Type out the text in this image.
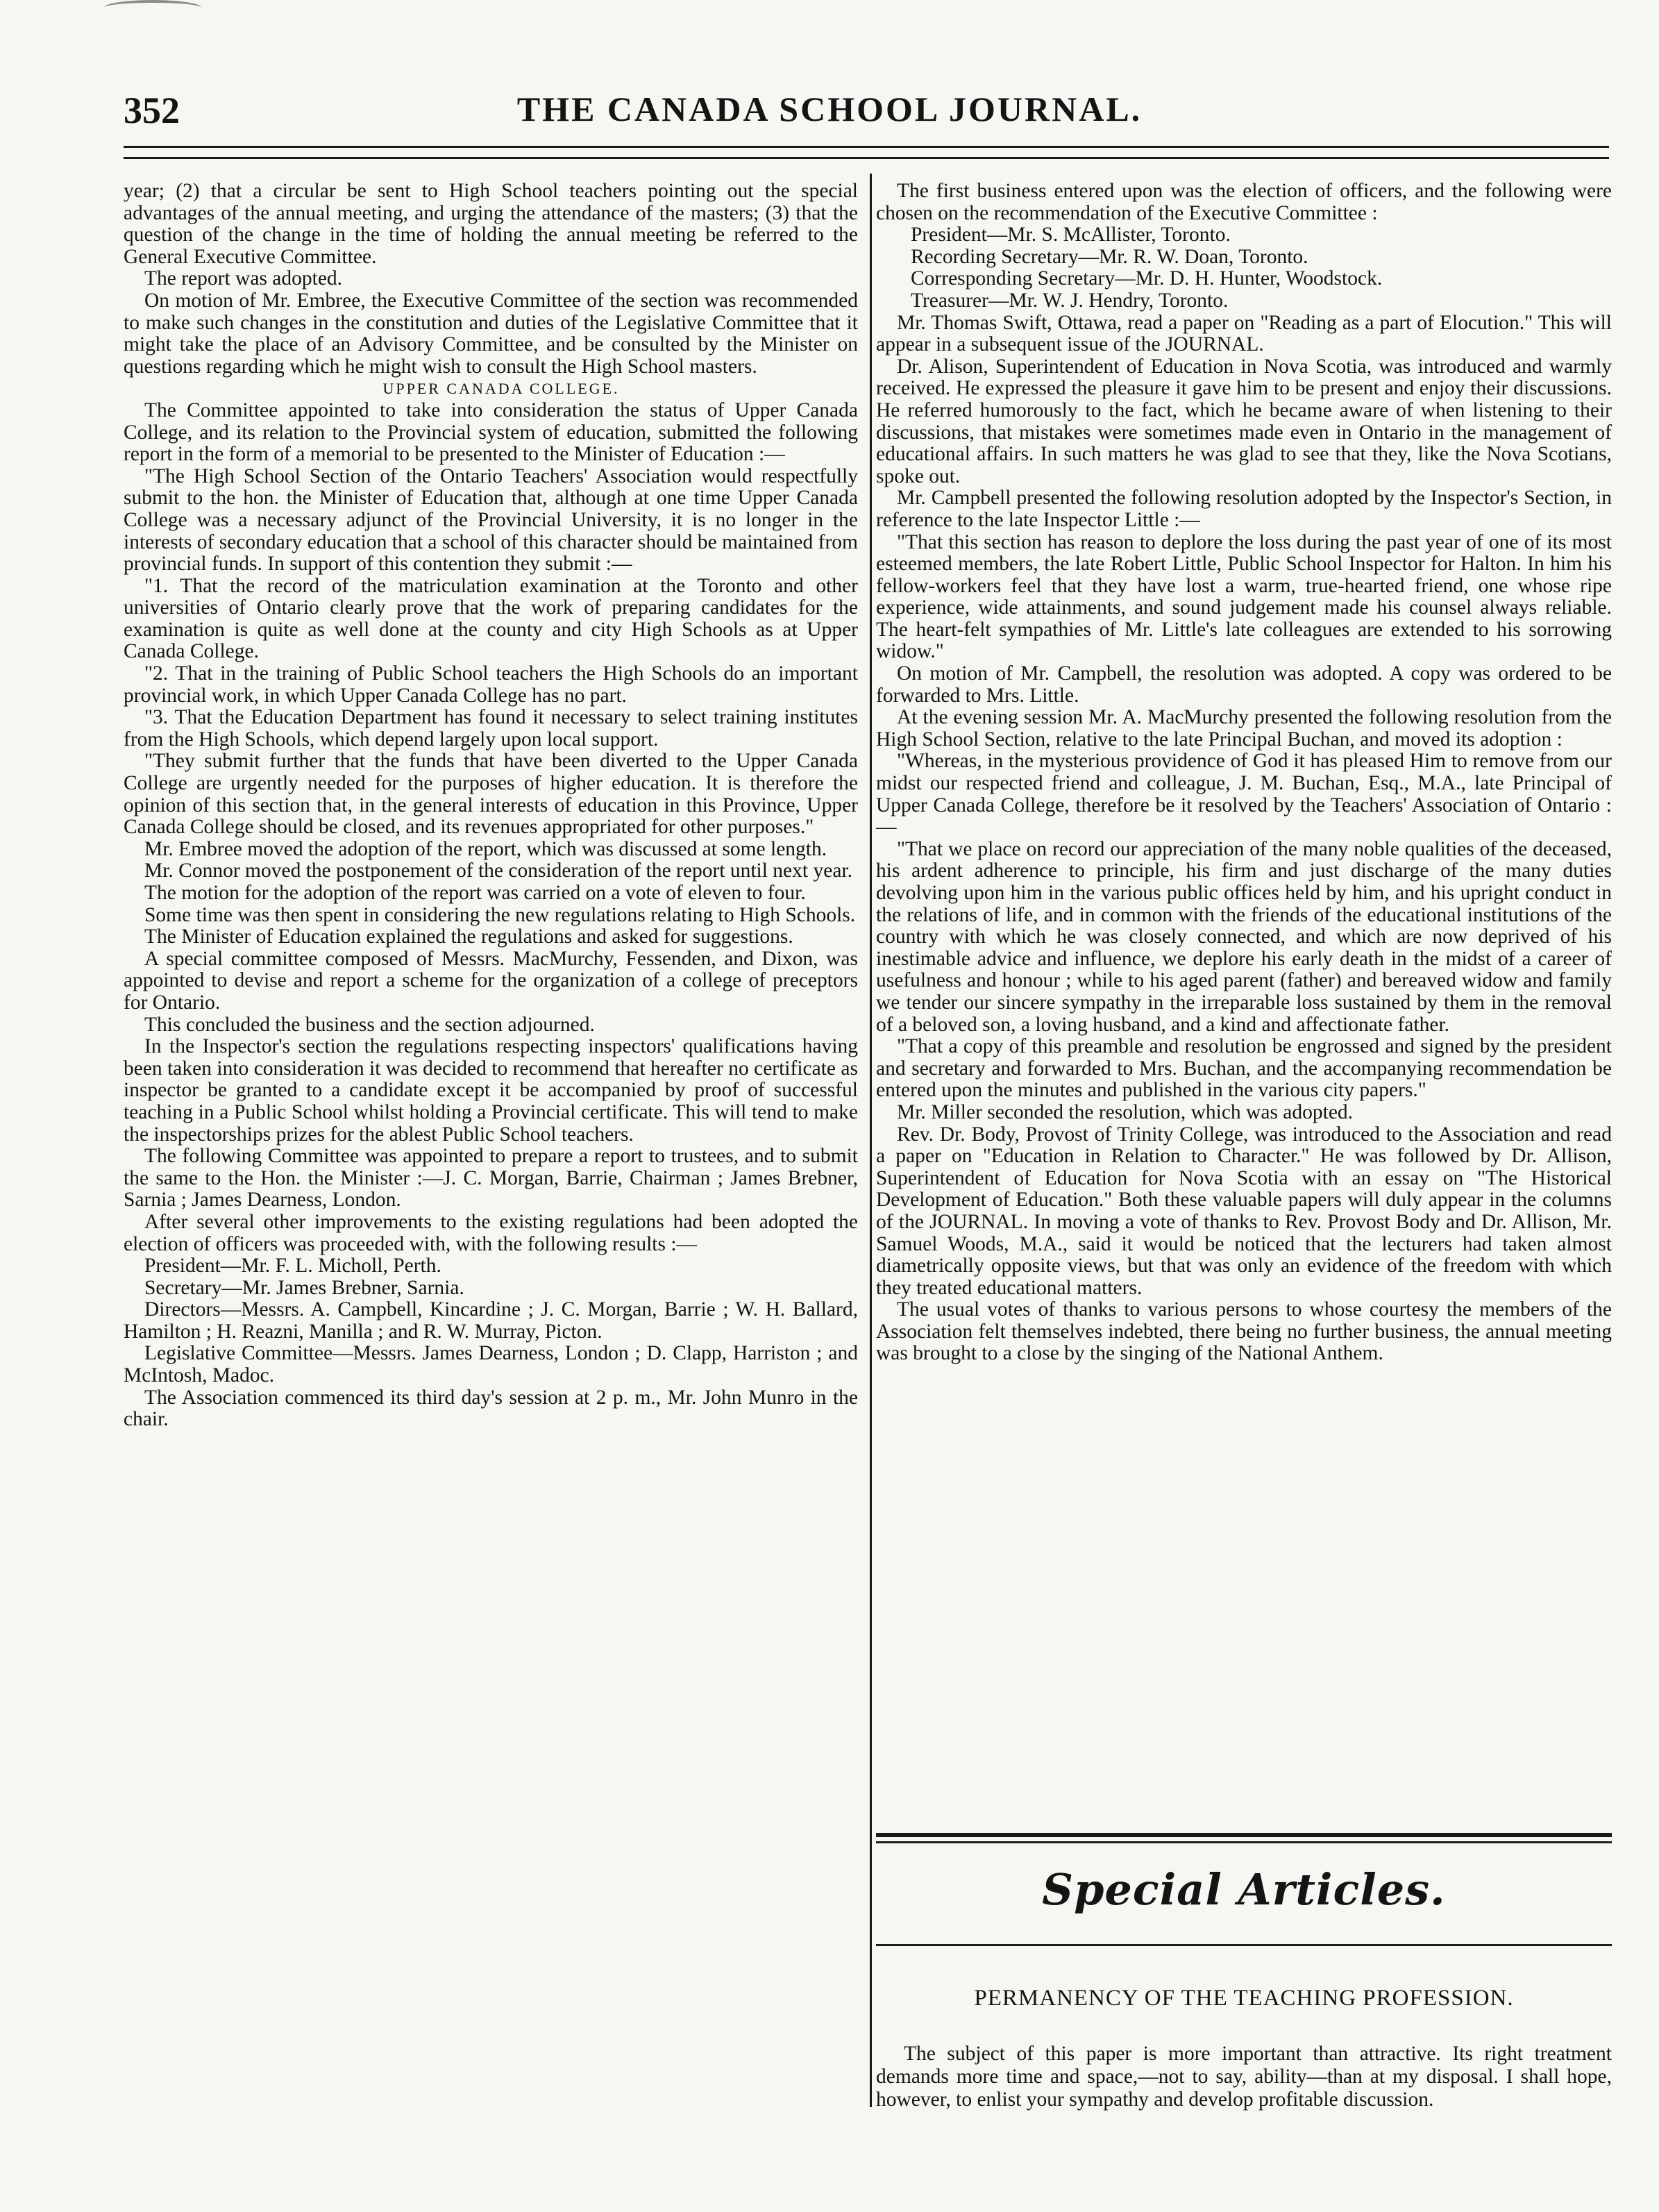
352	THE CANADA SCHOOL JOURNAL.

year; (2) that a circular be sent to High School teachers pointing out the special advantages of the annual meeting, and urging the attendance of the masters; (3) that the question of the change in the time of holding the annual meeting be referred to the General Executive Committee.

The report was adopted.

On motion of Mr. Embree, the Executive Committee of the section was recommended to make such changes in the constitution and duties of the Legislative Committee that it might take the place of an Advisory Committee, and be consulted by the Minister on questions regarding which he might wish to consult the High School masters.

UPPER CANADA COLLEGE.

The Committee appointed to take into consideration the status of Upper Canada College, and its relation to the Provincial system of education, submitted the following report in the form of a memorial to be presented to the Minister of Education :—

"The High School Section of the Ontario Teachers' Association would respectfully submit to the hon. the Minister of Education that, although at one time Upper Canada College was a necessary adjunct of the Provincial University, it is no longer in the interests of secondary education that a school of this character should be maintained from provincial funds. In support of this contention they submit :—

"1. That the record of the matriculation examination at the Toronto and other universities of Ontario clearly prove that the work of preparing candidates for the examination is quite as well done at the county and city High Schools as at Upper Canada College.

"2. That in the training of Public School teachers the High Schools do an important provincial work, in which Upper Canada College has no part.

"3. That the Education Department has found it necessary to select training institutes from the High Schools, which depend largely upon local support.

"They submit further that the funds that have been diverted to the Upper Canada College are urgently needed for the purposes of higher education. It is therefore the opinion of this section that, in the general interests of education in this Province, Upper Canada College should be closed, and its revenues appropriated for other purposes."

Mr. Embree moved the adoption of the report, which was discussed at some length.

Mr. Connor moved the postponement of the consideration of the report until next year.

The motion for the adoption of the report was carried on a vote of eleven to four.

Some time was then spent in considering the new regulations relating to High Schools.

The Minister of Education explained the regulations and asked for suggestions.

A special committee composed of Messrs. MacMurchy, Fessenden, and Dixon, was appointed to devise and report a scheme for the organization of a college of preceptors for Ontario.

This concluded the business and the section adjourned.

In the Inspector's section the regulations respecting inspectors' qualifications having been taken into consideration it was decided to recommend that hereafter no certificate as inspector be granted to a candidate except it be accompanied by proof of successful teaching in a Public School whilst holding a Provincial certificate. This will tend to make the inspectorships prizes for the ablest Public School teachers.

The following Committee was appointed to prepare a report to trustees, and to submit the same to the Hon. the Minister :—J. C. Morgan, Barrie, Chairman ; James Brebner, Sarnia ; James Dearness, London.

After several other improvements to the existing regulations had been adopted the election of officers was proceeded with, with the following results :—

President—Mr. F. L. Micholl, Perth.

Secretary—Mr. James Brebner, Sarnia.

Directors—Messrs. A. Campbell, Kincardine ; J. C. Morgan, Barrie ; W. H. Ballard, Hamilton ; H. Reazni, Manilla ; and R. W. Murray, Picton.

Legislative Committee—Messrs. James Dearness, London ; D. Clapp, Harriston ; and McIntosh, Madoc.

The Association commenced its third day's session at 2 p. m., Mr. John Munro in the chair.

The first business entered upon was the election of officers, and the following were chosen on the recommendation of the Executive Committee :

President—Mr. S. McAllister, Toronto.

Recording Secretary—Mr. R. W. Doan, Toronto.

Corresponding Secretary—Mr. D. H. Hunter, Woodstock.

Treasurer—Mr. W. J. Hendry, Toronto.

Mr. Thomas Swift, Ottawa, read a paper on "Reading as a part of Elocution." This will appear in a subsequent issue of the JOURNAL.

Dr. Alison, Superintendent of Education in Nova Scotia, was introduced and warmly received. He expressed the pleasure it gave him to be present and enjoy their discussions. He referred humorously to the fact, which he became aware of when listening to their discussions, that mistakes were sometimes made even in Ontario in the management of educational affairs. In such matters he was glad to see that they, like the Nova Scotians, spoke out.

Mr. Campbell presented the following resolution adopted by the Inspector's Section, in reference to the late Inspector Little :—

"That this section has reason to deplore the loss during the past year of one of its most esteemed members, the late Robert Little, Public School Inspector for Halton. In him his fellow-workers feel that they have lost a warm, true-hearted friend, one whose ripe experience, wide attainments, and sound judgement made his counsel always reliable. The heart-felt sympathies of Mr. Little's late colleagues are extended to his sorrowing widow."

On motion of Mr. Campbell, the resolution was adopted. A copy was ordered to be forwarded to Mrs. Little.

At the evening session Mr. A. MacMurchy presented the following resolution from the High School Section, relative to the late Principal Buchan, and moved its adoption :

"Whereas, in the mysterious providence of God it has pleased Him to remove from our midst our respected friend and colleague, J. M. Buchan, Esq., M.A., late Principal of Upper Canada College, therefore be it resolved by the Teachers' Association of Ontario :—

"That we place on record our appreciation of the many noble qualities of the deceased, his ardent adherence to principle, his firm and just discharge of the many duties devolving upon him in the various public offices held by him, and his upright conduct in the relations of life, and in common with the friends of the educational institutions of the country with which he was closely connected, and which are now deprived of his inestimable advice and influence, we deplore his early death in the midst of a career of usefulness and honour ; while to his aged parent (father) and bereaved widow and family we tender our sincere sympathy in the irreparable loss sustained by them in the removal of a beloved son, a loving husband, and a kind and affectionate father.

"That a copy of this preamble and resolution be engrossed and signed by the president and secretary and forwarded to Mrs. Buchan, and the accompanying recommendation be entered upon the minutes and published in the various city papers."

Mr. Miller seconded the resolution, which was adopted.

Rev. Dr. Body, Provost of Trinity College, was introduced to the Association and read a paper on "Education in Relation to Character." He was followed by Dr. Allison, Superintendent of Education for Nova Scotia with an essay on "The Historical Development of Education." Both these valuable papers will duly appear in the columns of the JOURNAL. In moving a vote of thanks to Rev. Provost Body and Dr. Allison, Mr. Samuel Woods, M.A., said it would be noticed that the lecturers had taken almost diametrically opposite views, but that was only an evidence of the freedom with which they treated educational matters.

The usual votes of thanks to various persons to whose courtesy the members of the Association felt themselves indebted, there being no further business, the annual meeting was brought to a close by the singing of the National Anthem.

Special Articles.
PERMANENCY OF THE TEACHING PROFESSION.

The subject of this paper is more important than attractive. Its right treatment demands more time and space,—not to say, ability—than at my disposal. I shall hope, however, to enlist your sympathy and develop profitable discussion.
